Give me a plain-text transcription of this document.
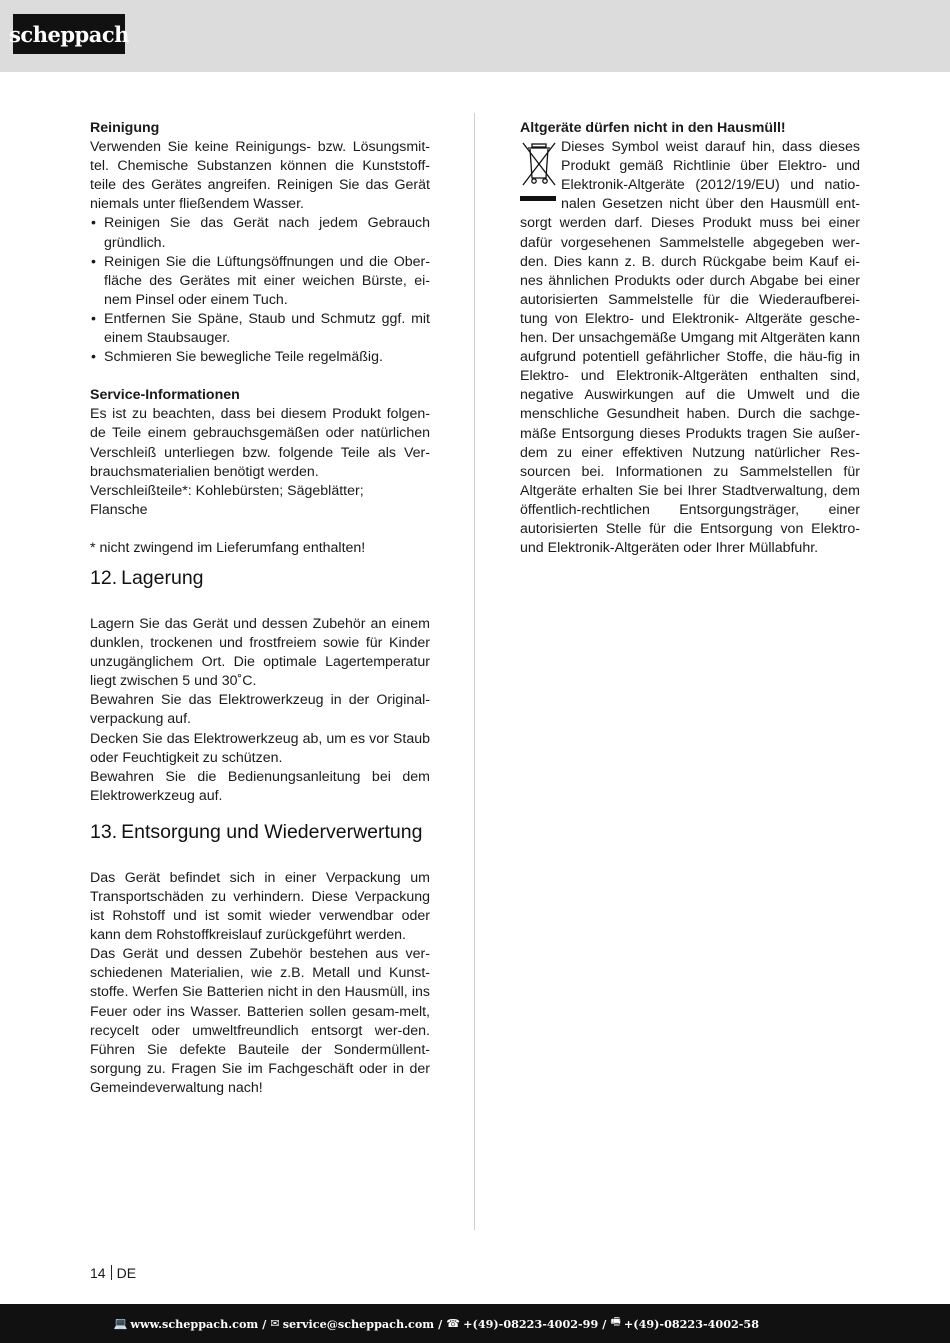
scheppach

Reinigung

Verwenden Sie keine Reinigungs- bzw. Lösungsmit-tel. Chemische Substanzen können die Kunststoff-teile des Gerätes angreifen. Reinigen Sie das Gerät niemals unter fließendem Wasser.

• Reinigen Sie das Gerät nach jedem Gebrauch gründlich.
• Reinigen Sie die Lüftungsöffnungen und die Ober-fläche des Gerätes mit einer weichen Bürste, ei-nem Pinsel oder einem Tuch.
• Entfernen Sie Späne, Staub und Schmutz ggf. mit einem Staubsauger.
• Schmieren Sie bewegliche Teile regelmäßig.

Service-Informationen

Es ist zu beachten, dass bei diesem Produkt folgen-de Teile einem gebrauchsgemäßen oder natürlichen Verschleiß unterliegen bzw. folgende Teile als Ver-brauchsmaterialien benötigt werden.

Verschleißteile*: Kohlebürsten; Sägeblätter;

Flansche

* nicht zwingend im Lieferumfang enthalten!

12. Lagerung

Lagern Sie das Gerät und dessen Zubehör an einem dunklen, trockenen und frostfreiem sowie für Kinder unzugänglichem Ort. Die optimale Lagertemperatur liegt zwischen 5 und 30˚C.

Bewahren Sie das Elektrowerkzeug in der Original-verpackung auf.

Decken Sie das Elektrowerkzeug ab, um es vor Staub oder Feuchtigkeit zu schützen.

Bewahren Sie die Bedienungsanleitung bei dem Elektrowerkzeug auf.

13. Entsorgung und Wiederverwertung

Das Gerät befindet sich in einer Verpackung um Transportschäden zu verhindern. Diese Verpackung ist Rohstoff und ist somit wieder verwendbar oder kann dem Rohstoffkreislauf zurückgeführt werden.

Das Gerät und dessen Zubehör bestehen aus ver-schiedenen Materialien, wie z.B. Metall und Kunst-stoffe. Werfen Sie Batterien nicht in den Hausmüll, ins Feuer oder ins Wasser. Batterien sollen gesam-melt, recycelt oder umweltfreundlich entsorgt wer-den. Führen Sie defekte Bauteile der Sondermüllent-sorgung zu. Fragen Sie im Fachgeschäft oder in der Gemeindeverwaltung nach!

Altgeräte dürfen nicht in den Hausmüll!

Dieses Symbol weist darauf hin, dass dieses Produkt gemäß Richtlinie über Elektro- und Elektronik-Altgeräte (2012/19/EU) und natio-nalen Gesetzen nicht über den Hausmüll ent-sorgt werden darf. Dieses Produkt muss bei einer dafür vorgesehenen Sammelstelle abgegeben wer-den. Dies kann z. B. durch Rückgabe beim Kauf ei-nes ähnlichen Produkts oder durch Abgabe bei einer autorisierten Sammelstelle für die Wiederaufberei-tung von Elektro- und Elektronik- Altgeräte gesche-hen. Der unsachgemäße Umgang mit Altgeräten kann aufgrund potentiell gefährlicher Stoffe, die häu-fig in Elektro- und Elektronik-Altgeräten enthalten sind, negative Auswirkungen auf die Umwelt und die menschliche Gesundheit haben. Durch die sachge-mäße Entsorgung dieses Produkts tragen Sie außer-dem zu einer effektiven Nutzung natürlicher Res-sourcen bei. Informationen zu Sammelstellen für Altgeräte erhalten Sie bei Ihrer Stadtverwaltung, dem öffentlich-rechtlichen Entsorgungsträger, einer autorisierten Stelle für die Entsorgung von Elektro- und Elektronik-Altgeräten oder Ihrer Müllabfuhr.

14 DE
💻 www.scheppach.com / ✉ service@scheppach.com / ☎ +(49)-08223-4002-99 / 🖷 +(49)-08223-4002-58
